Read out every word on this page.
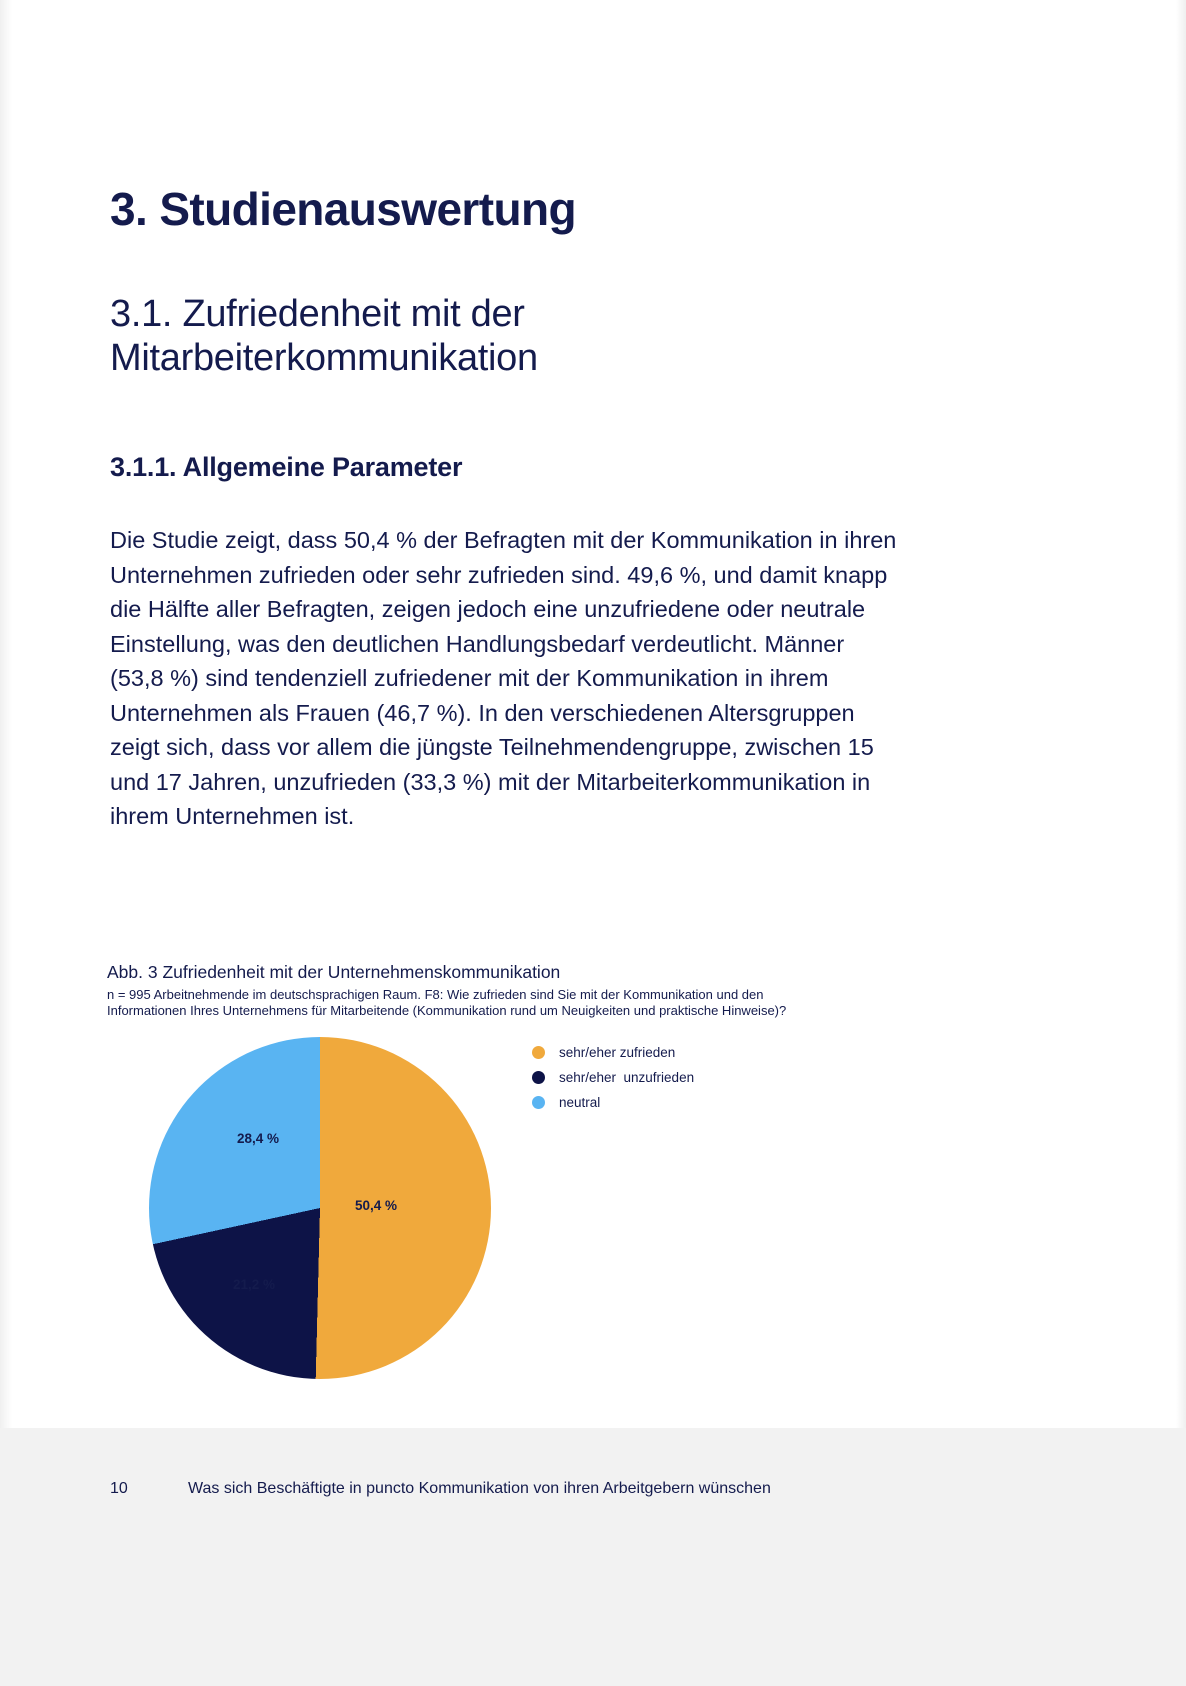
3. Studienauswertung
3.1. Zufriedenheit mit der
Mitarbeiterkommunikation
3.1.1. Allgemeine Parameter

Die Studie zeigt, dass 50,4 % der Befragten mit der Kommunikation in ihren Unternehmen zufrieden oder sehr zufrieden sind. 49,6 %, und damit knapp die Hälfte aller Befragten, zeigen jedoch eine unzufriedene oder neutrale Einstellung, was den deutlichen Handlungsbedarf verdeutlicht. Männer (53,8 %) sind tendenziell zufriedener mit der Kommunikation in ihrem Unternehmen als Frauen (46,7 %). In den verschiedenen Altersgruppen zeigt sich, dass vor allem die jüngste Teilnehmendengruppe, zwischen 15 und 17 Jahren, unzufrieden (33,3 %) mit der Mitarbeiterkommunikation in ihrem Unternehmen ist.

Abb. 3 Zufriedenheit mit der Unternehmenskommunikation

n = 995 Arbeitnehmende im deutschsprachigen Raum. F8: Wie zufrieden sind Sie mit der Kommunikation und den
Informationen Ihres Unternehmens für Mitarbeitende (Kommunikation rund um Neuigkeiten und praktische Hinweise)?

50,4 %
21,2 %
28,4 %
sehr/eher zufrieden
sehr/eher  unzufrieden
neutral
10	Was sich Beschäftigte in puncto Kommunikation von ihren Arbeitgebern wünschen
